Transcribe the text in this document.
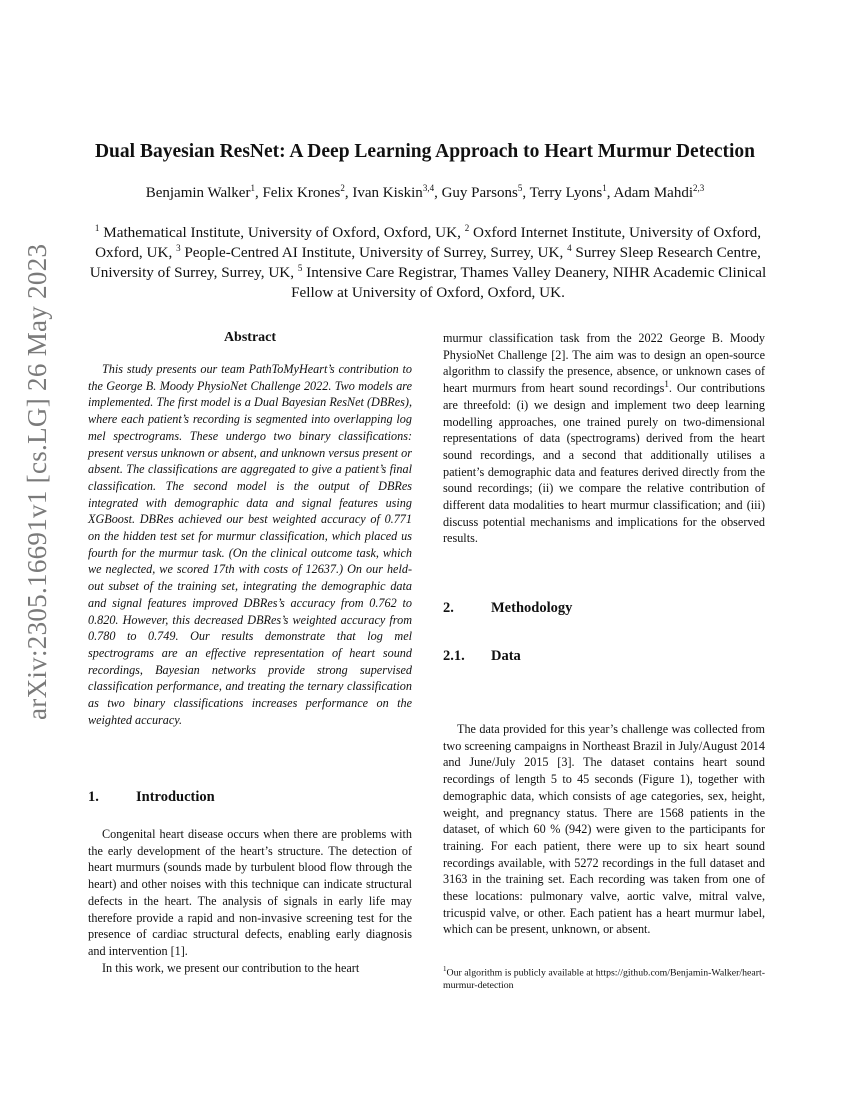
arXiv:2305.16691v1 [cs.LG] 26 May 2023
Dual Bayesian ResNet: A Deep Learning Approach to Heart Murmur Detection
Benjamin Walker$^1$, Felix Krones$^2$, Ivan Kiskin$^{3,4}$, Guy Parsons$^5$, Terry Lyons$^1$, Adam Mahdi$^{2,3}$
$^1$ Mathematical Institute, University of Oxford, Oxford, UK, $^2$ Oxford Internet Institute, University of Oxford, Oxford, UK, $^3$ People-Centred AI Institute, University of Surrey, Surrey, UK, $^4$ Surrey Sleep Research Centre, University of Surrey, Surrey, UK, $^5$ Intensive Care Registrar, Thames Valley Deanery, NIHR Academic Clinical Fellow at University of Oxford, Oxford, UK.
Abstract
This study presents our team PathToMyHeart’s contribution to the George B. Moody PhysioNet Challenge 2022. Two models are implemented. The first model is a Dual Bayesian ResNet (DBRes), where each patient’s recording is segmented into overlapping log mel spectrograms. These undergo two binary classifications: present versus unknown or absent, and unknown versus present or absent. The classifications are aggregated to give a patient’s final classification. The second model is the output of DBRes integrated with demographic data and signal features using XGBoost. DBRes achieved our best weighted accuracy of 0.771 on the hidden test set for murmur classification, which placed us fourth for the murmur task. (On the clinical outcome task, which we neglected, we scored 17th with costs of 12637.) On our held-out subset of the training set, integrating the demographic data and signal features improved DBRes’s accuracy from 0.762 to 0.820. However, this decreased DBRes’s weighted accuracy from 0.780 to 0.749. Our results demonstrate that log mel spectrograms are an effective representation of heart sound recordings, Bayesian networks provide strong supervised classification performance, and treating the ternary classification as two binary classifications increases performance on the weighted accuracy.
1.	Introduction

Congenital heart disease occurs when there are problems with the early development of the heart’s structure. The detection of heart murmurs (sounds made by turbulent blood flow through the heart) and other noises with this technique can indicate structural defects in the heart. The analysis of signals in early life may therefore provide a rapid and non-invasive screening test for the presence of cardiac structural defects, enabling early diagnosis and intervention [1].

In this work, we present our contribution to the heart

murmur classification task from the 2022 George B. Moody PhysioNet Challenge [2]. The aim was to design an open-source algorithm to classify the presence, absence, or unknown cases of heart murmurs from heart sound recordings$^1$. Our contributions are threefold: (i) we design and implement two deep learning modelling approaches, one trained purely on two-dimensional representations of data (spectrograms) derived from the heart sound recordings, and a second that additionally utilises a patient’s demographic data and features derived directly from the sound recordings; (ii) we compare the relative contribution of different data modalities to heart murmur classification; and (iii) discuss potential mechanisms and implications for the observed results.

2.	Methodology
2.1. Data

The data provided for this year’s challenge was collected from two screening campaigns in Northeast Brazil in July/August 2014 and June/July 2015 [3]. The dataset contains heart sound recordings of length 5 to 45 seconds (Figure 1), together with demographic data, which consists of age categories, sex, height, weight, and pregnancy status. There are 1568 patients in the dataset, of which 60 % (942) were given to the participants for training. For each patient, there were up to six heart sound recordings available, with 5272 recordings in the full dataset and 3163 in the training set. Each recording was taken from one of these locations: pulmonary valve, aortic valve, mitral valve, tricuspid valve, or other. Each patient has a heart murmur label, which can be present, unknown, or absent.

$^1$Our algorithm is publicly available at https://github.com/Benjamin-Walker/heart-murmur-detection
